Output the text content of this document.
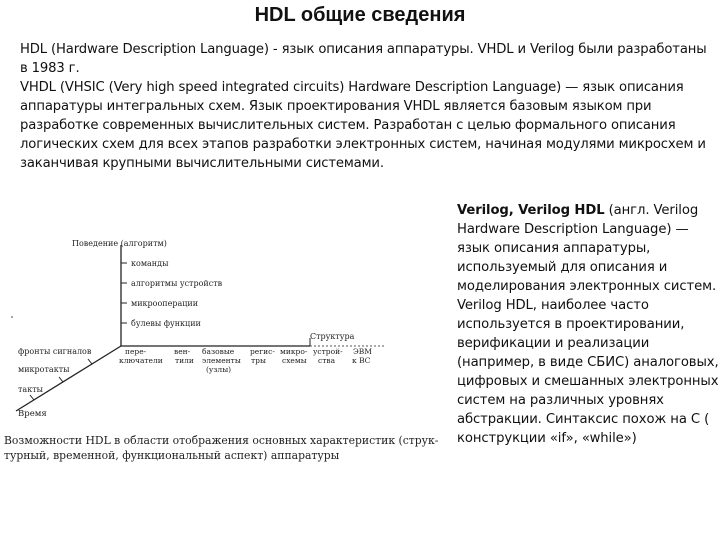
HDL общие сведения

HDL (Hardware Description Language) - язык описания аппаратуры. VHDL и Verilog были разработаны в 1983 г.

VHDL (VHSIC (Very high speed integrated circuits) Hardware Description Language) — язык описания аппаратуры интегральных схем. Язык проектирования VHDL является базовым языком при разработке современных вычислительных систем. Разработан с целью формального описания логических схем для всех этапов разработки электронных систем, начиная модулями микросхем и заканчивая крупными вычислительными системами.

Verilog, Verilog HDL (англ. Verilog Hardware Description Language) —язык описания аппаратуры, используемый для описания и моделирования электронных систем. Verilog HDL, наиболее часто используется в проектировании, верификации и реализации (например, в виде СБИС) аналоговых, цифровых и смешанных электронных систем на различных уровнях абстракции. Синтаксис похож на С ( конструкции «if», «while»)
Поведение (алгоритм)
команды
алгоритмы устройств
микрооперации
булевы функции
Структура
пере- ключатели
вен- тили
базовые элементы (узлы)
регис- тры
микро- схемы
устрой- ства
ЭВМ к ВС
фронты сигналов
микротакты
такты
Время
Возможности HDL в области отображения основных характеристик (струк-
турный, временной, функциональный аспект) аппаратуры
